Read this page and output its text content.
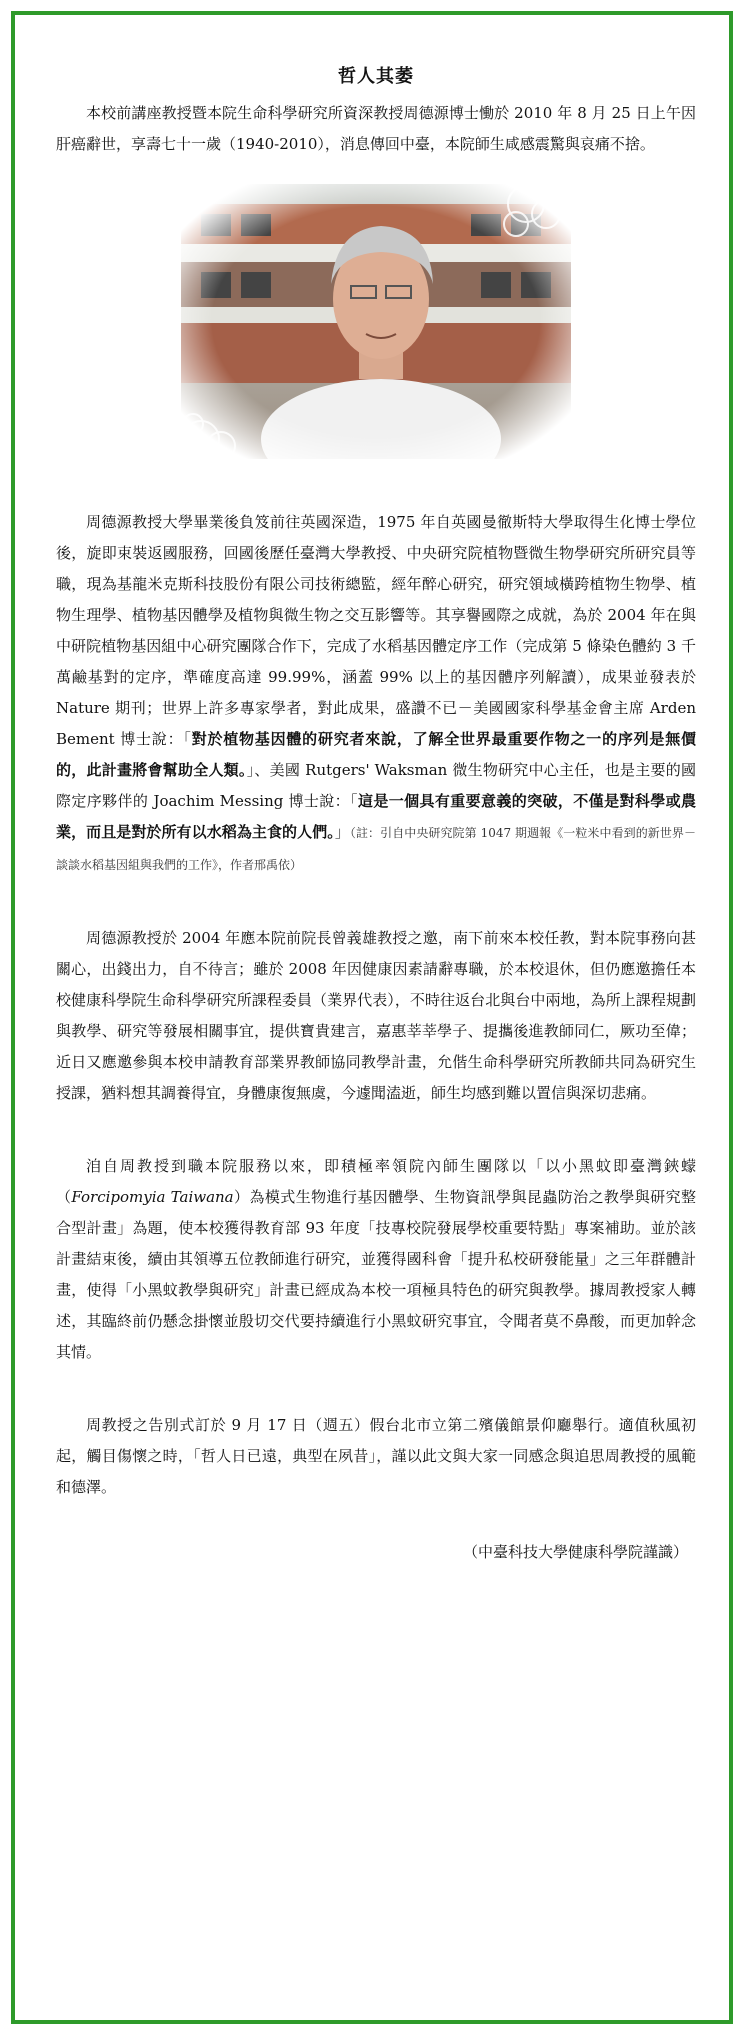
哲人其萎

本校前講座教授暨本院生命科學研究所資深教授周德源博士慟於 2010 年 8 月 25 日上午因肝癌辭世，享壽七十一歲（1940-2010），消息傳回中臺，本院師生咸感震驚與哀痛不捨。

周德源教授大學畢業後負笈前往英國深造，1975 年自英國曼徹斯特大學取得生化博士學位後，旋即束裝返國服務，回國後歷任臺灣大學教授、中央研究院植物暨微生物學研究所研究員等職，現為基龍米克斯科技股份有限公司技術總監，經年醉心研究，研究領域橫跨植物生物學、植物生理學、植物基因體學及植物與微生物之交互影響等。其享譽國際之成就，為於 2004 年在與中研院植物基因組中心研究團隊合作下，完成了水稻基因體定序工作（完成第 5 條染色體約 3 千萬鹼基對的定序，準確度高達 99.99%，涵蓋 99% 以上的基因體序列解讀），成果並發表於 Nature 期刊；世界上許多專家學者，對此成果，盛讚不已－美國國家科學基金會主席 Arden Bement 博士說：「對於植物基因體的研究者來說，了解全世界最重要作物之一的序列是無價的，此計畫將會幫助全人類。」、美國 Rutgers' Waksman 微生物研究中心主任，也是主要的國際定序夥伴的 Joachim Messing 博士說：「這是一個具有重要意義的突破，不僅是對科學或農業，而且是對於所有以水稻為主食的人們。」（註：引自中央研究院第 1047 期週報《一粒米中看到的新世界－談談水稻基因組與我們的工作》，作者邢禹依）

周德源教授於 2004 年應本院前院長曾義雄教授之邀，南下前來本校任教，對本院事務向甚關心，出錢出力，自不待言；雖於 2008 年因健康因素請辭專職，於本校退休，但仍應邀擔任本校健康科學院生命科學研究所課程委員（業界代表），不時往返台北與台中兩地，為所上課程規劃與教學、研究等發展相關事宜，提供寶貴建言，嘉惠莘莘學子、提攜後進教師同仁，厥功至偉；近日又應邀參與本校申請教育部業界教師協同教學計畫，允偕生命科學研究所教師共同為研究生授課，猶料想其調養得宜，身體康復無虞，今遽聞溘逝，師生均感到難以置信與深切悲痛。

洎自周教授到職本院服務以來，即積極率領院內師生團隊以「以小黑蚊即臺灣鋏蠓（Forcipomyia Taiwana）為模式生物進行基因體學、生物資訊學與昆蟲防治之教學與研究整合型計畫」為題，使本校獲得教育部 93 年度「技專校院發展學校重要特點」專案補助。並於該計畫結束後，續由其領導五位教師進行研究，並獲得國科會「提升私校研發能量」之三年群體計畫，使得「小黑蚊教學與研究」計畫已經成為本校一項極具特色的研究與教學。據周教授家人轉述，其臨終前仍懸念掛懷並殷切交代要持續進行小黑蚊研究事宜，令聞者莫不鼻酸，而更加幹念其情。

周教授之告別式訂於 9 月 17 日（週五）假台北市立第二殯儀館景仰廳舉行。適值秋風初起，觸目傷懷之時，「哲人日已遠，典型在夙昔」，謹以此文與大家一同感念與追思周教授的風範和德澤。

（中臺科技大學健康科學院謹識）
